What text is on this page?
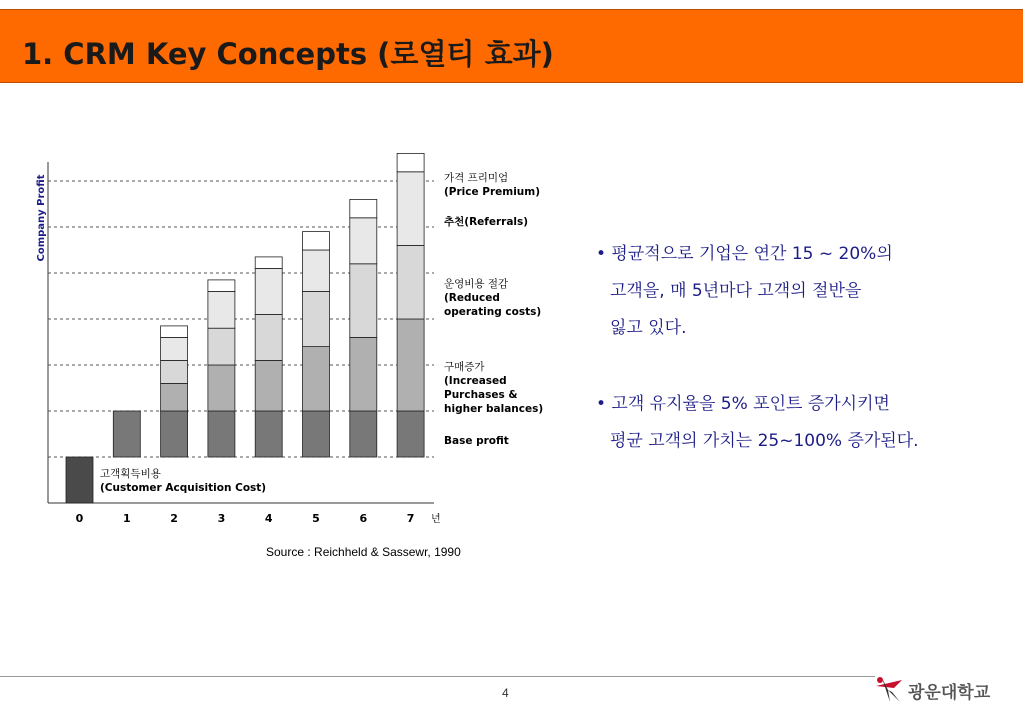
1. CRM Key Concepts (로열티 효과)
0	1	2	3	4	5	6	7 년
Company Profit	가격 프리미엄
(Price Premium)
추천(Referrals)
운영비용 절감
(Reduced
operating costs)
구매증가
(Increased
Purchases &
higher balances)
Base profit
고객획득비용
(Customer Acquisition Cost)
• 평균적으로 기업은 연간 15 ~ 20%의
고객을, 매 5년마다 고객의 절반을
잃고 있다.
• 고객 유지율을 5% 포인트 증가시키면
평균 고객의 가치는 25~100% 증가된다.
Source : Reichheld & Sassewr, 1990
4	광운대학교
